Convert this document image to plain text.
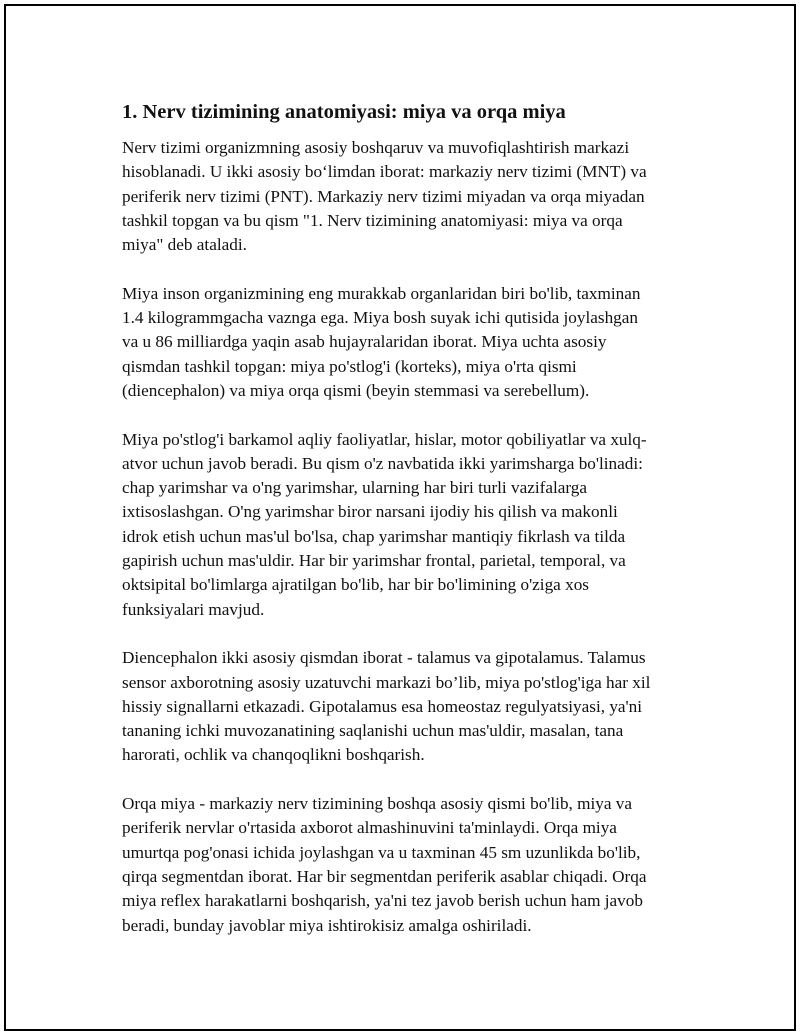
1. Nerv tizimining anatomiyasi: miya va orqa miya
Nerv tizimi organizmning asosiy boshqaruv va muvofiqlashtirish markazi
hisoblanadi. U ikki asosiy bo‘limdan iborat: markaziy nerv tizimi (MNT) va
periferik nerv tizimi (PNT). Markaziy nerv tizimi miyadan va orqa miyadan
tashkil topgan va bu qism "1. Nerv tizimining anatomiyasi: miya va orqa
miya" deb ataladi.
Miya inson organizmining eng murakkab organlaridan biri bo'lib, taxminan
1.4 kilogrammgacha vaznga ega. Miya bosh suyak ichi qutisida joylashgan
va u 86 milliardga yaqin asab hujayralaridan iborat. Miya uchta asosiy
qismdan tashkil topgan: miya po'stlog'i (korteks), miya o'rta qismi
(diencephalon) va miya orqa qismi (beyin stemmasi va serebellum).
Miya po'stlog'i barkamol aqliy faoliyatlar, hislar, motor qobiliyatlar va xulq-
atvor uchun javob beradi. Bu qism o'z navbatida ikki yarimsharga bo'linadi:
chap yarimshar va o'ng yarimshar, ularning har biri turli vazifalarga
ixtisoslashgan. O'ng yarimshar biror narsani ijodiy his qilish va makonli
idrok etish uchun mas'ul bo'lsa, chap yarimshar mantiqiy fikrlash va tilda
gapirish uchun mas'uldir. Har bir yarimshar frontal, parietal, temporal, va
oktsipital bo'limlarga ajratilgan bo'lib, har bir bo'limining o'ziga xos
funksiyalari mavjud.
Diencephalon ikki asosiy qismdan iborat - talamus va gipotalamus. Talamus
sensor axborotning asosiy uzatuvchi markazi bo’lib, miya po'stlog'iga har xil
hissiy signallarni etkazadi. Gipotalamus esa homeostaz regulyatsiyasi, ya'ni
tananing ichki muvozanatining saqlanishi uchun mas'uldir, masalan, tana
harorati, ochlik va chanqoqlikni boshqarish.
Orqa miya - markaziy nerv tizimining boshqa asosiy qismi bo'lib, miya va
periferik nervlar o'rtasida axborot almashinuvini ta'minlaydi. Orqa miya
umurtqa pog'onasi ichida joylashgan va u taxminan 45 sm uzunlikda bo'lib,
qirqa segmentdan iborat. Har bir segmentdan periferik asablar chiqadi. Orqa
miya reflex harakatlarni boshqarish, ya'ni tez javob berish uchun ham javob
beradi, bunday javoblar miya ishtirokisiz amalga oshiriladi.
